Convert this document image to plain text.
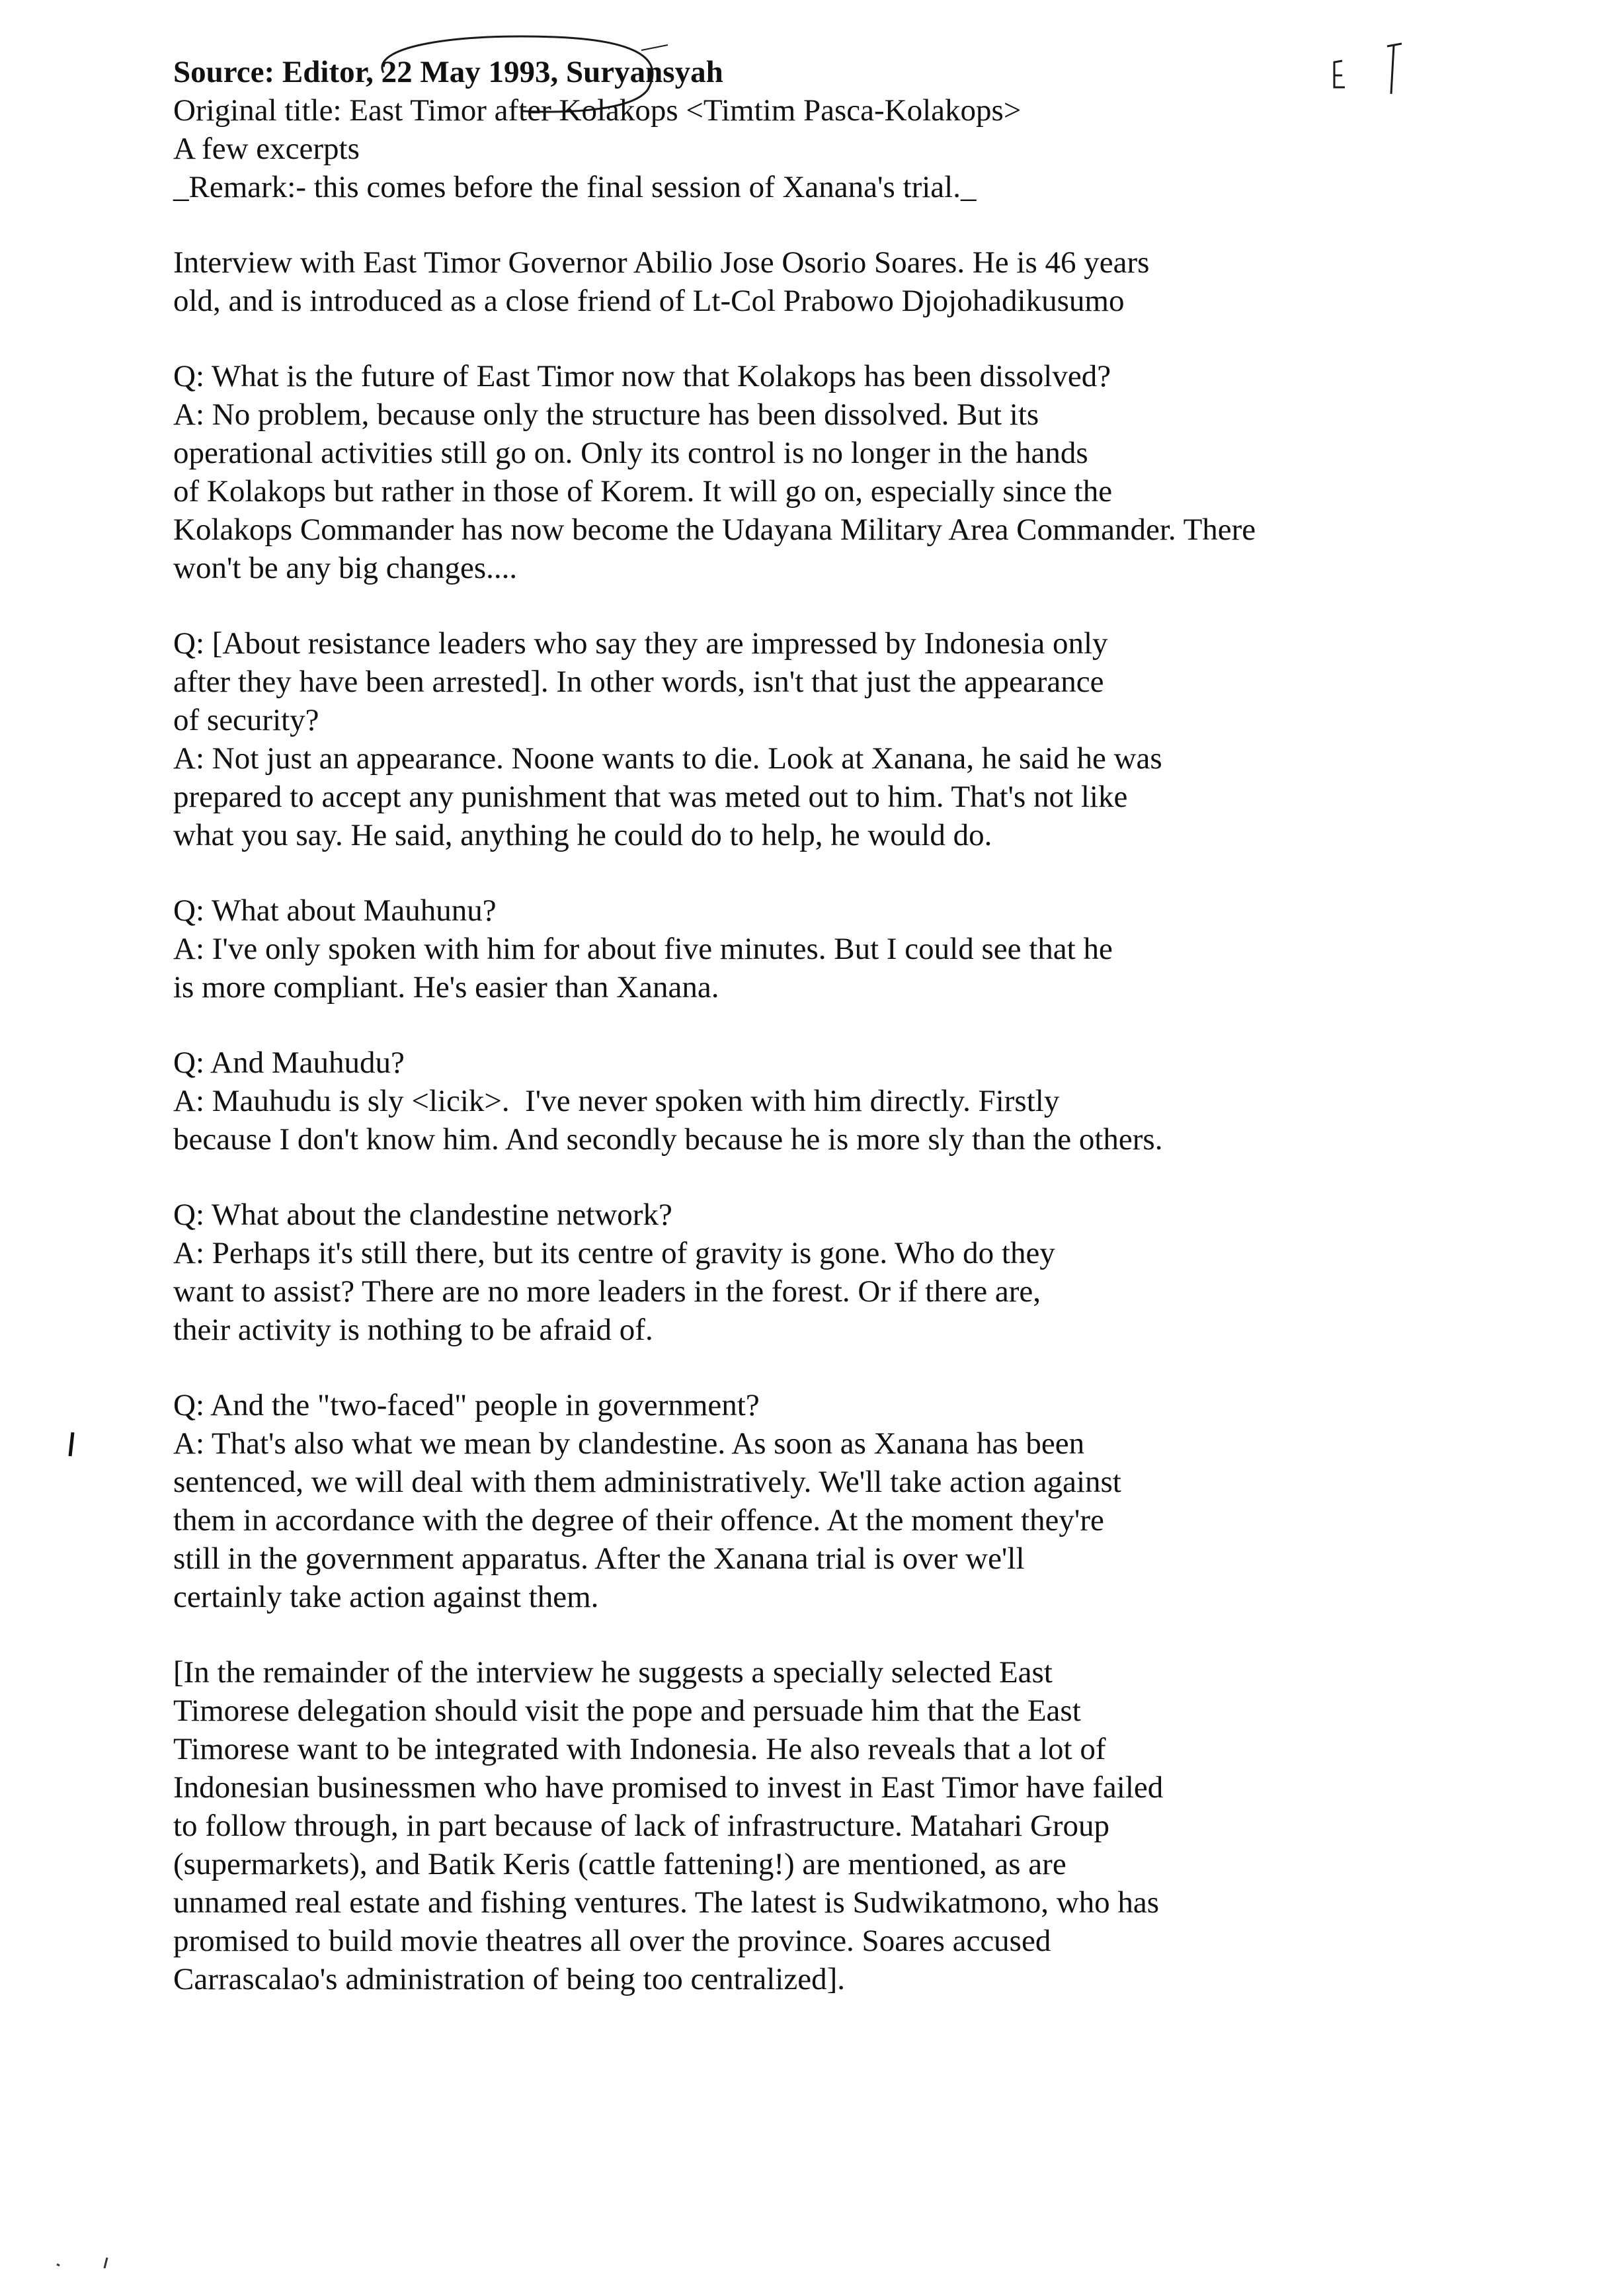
Source: Editor, 22 May 1993, Suryansyah
Original title: East Timor after Kolakops <Timtim Pasca-Kolakops>
A few excerpts
_Remark:- this comes before the final session of Xanana's trial._
Interview with East Timor Governor Abilio Jose Osorio Soares. He is 46 years
old, and is introduced as a close friend of Lt-Col Prabowo Djojohadikusumo
Q: What is the future of East Timor now that Kolakops has been dissolved?
A: No problem, because only the structure has been dissolved. But its
operational activities still go on. Only its control is no longer in the hands
of Kolakops but rather in those of Korem. It will go on, especially since the
Kolakops Commander has now become the Udayana Military Area Commander. There
won't be any big changes....
Q: [About resistance leaders who say they are impressed by Indonesia only
after they have been arrested]. In other words, isn't that just the appearance
of security?
A: Not just an appearance. Noone wants to die. Look at Xanana, he said he was
prepared to accept any punishment that was meted out to him. That's not like
what you say. He said, anything he could do to help, he would do.
Q: What about Mauhunu?
A: I've only spoken with him for about five minutes. But I could see that he
is more compliant. He's easier than Xanana.
Q: And Mauhudu?
A: Mauhudu is sly <licik>.  I've never spoken with him directly. Firstly
because I don't know him. And secondly because he is more sly than the others.
Q: What about the clandestine network?
A: Perhaps it's still there, but its centre of gravity is gone. Who do they
want to assist? There are no more leaders in the forest. Or if there are,
their activity is nothing to be afraid of.
Q: And the "two-faced" people in government?
A: That's also what we mean by clandestine. As soon as Xanana has been
sentenced, we will deal with them administratively. We'll take action against
them in accordance with the degree of their offence. At the moment they're
still in the government apparatus. After the Xanana trial is over we'll
certainly take action against them.
[In the remainder of the interview he suggests a specially selected East
Timorese delegation should visit the pope and persuade him that the East
Timorese want to be integrated with Indonesia. He also reveals that a lot of
Indonesian businessmen who have promised to invest in East Timor have failed
to follow through, in part because of lack of infrastructure. Matahari Group
(supermarkets), and Batik Keris (cattle fattening!) are mentioned, as are
unnamed real estate and fishing ventures. The latest is Sudwikatmono, who has
promised to build movie theatres all over the province. Soares accused
Carrascalao's administration of being too centralized].
